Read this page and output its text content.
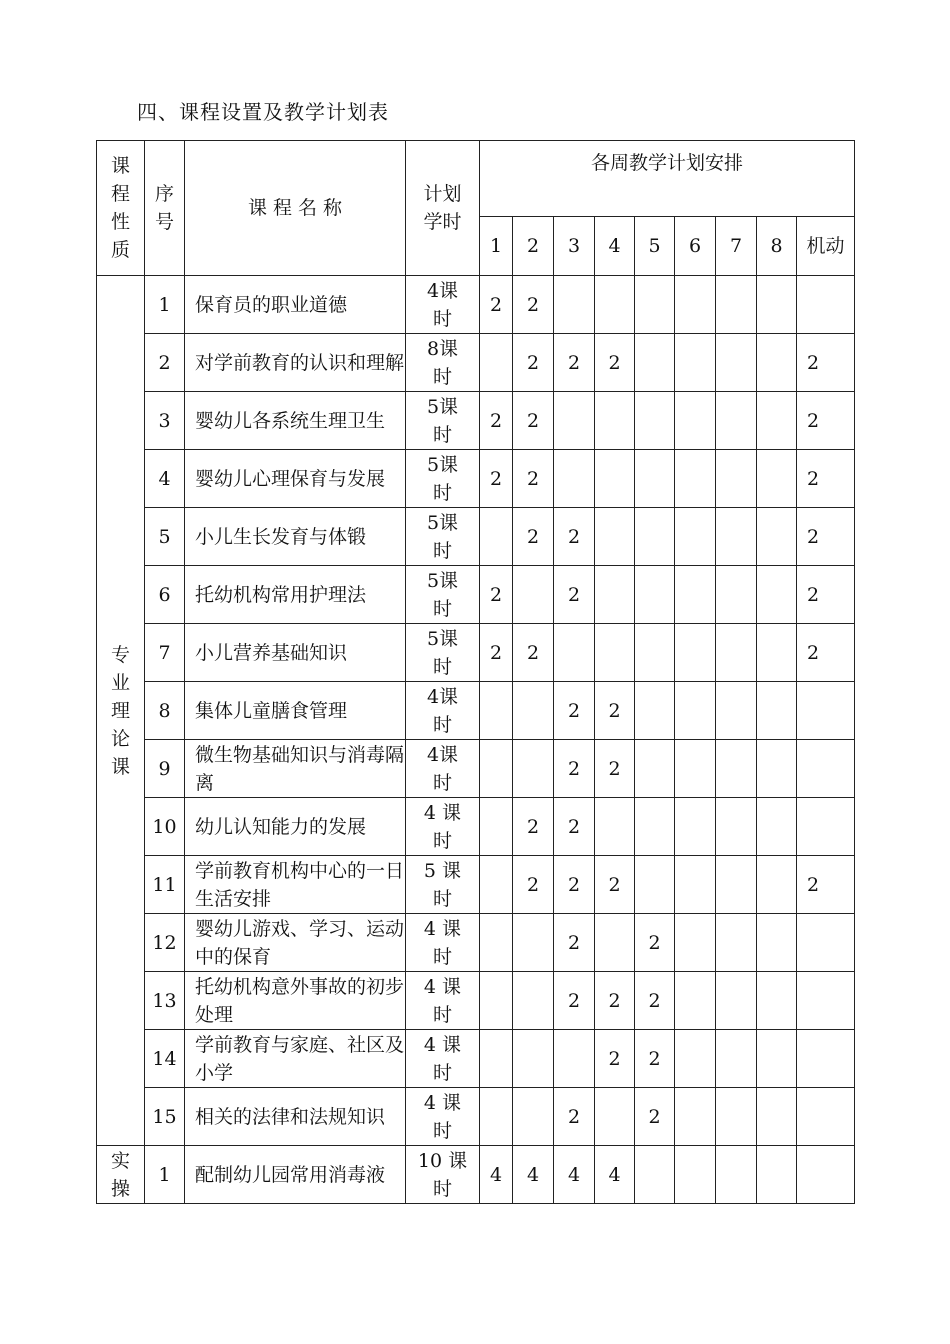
四、课程设置及教学计划表
课程性质	序号	课 程 名 称	计划学时	各周教学计划安排								
				1	2	3	4	5	6	7	8	机动

专业理论课	1	保育员的职业道德	4课时	2	2							
	2	对学前教育的认识和理解	8课时		2	2	2					2
	3	婴幼儿各系统生理卫生	5课时	2	2							2
	4	婴幼儿心理保育与发展	5课时	2	2							2
	5	小儿生长发育与体锻	5课时		2	2						2
	6	托幼机构常用护理法	5课时	2		2						2
	7	小儿营养基础知识	5课时	2	2							2
	8	集体儿童膳食管理	4课时			2	2					
	9	微生物基础知识与消毒隔离	4课时			2	2					
	10	幼儿认知能力的发展	4 课时		2	2						
	11	学前教育机构中心的一日生活安排	5 课时		2	2	2					2
	12	婴幼儿游戏、学习、运动中的保育	4 课时			2		2				
	13	托幼机构意外事故的初步处理	4 课时			2	2	2				
	14	学前教育与家庭、社区及小学	4 课时				2	2				
	15	相关的法律和法规知识	4 课时			2		2				

实操	1	配制幼儿园常用消毒液	10 课时	4	4	4	4					
